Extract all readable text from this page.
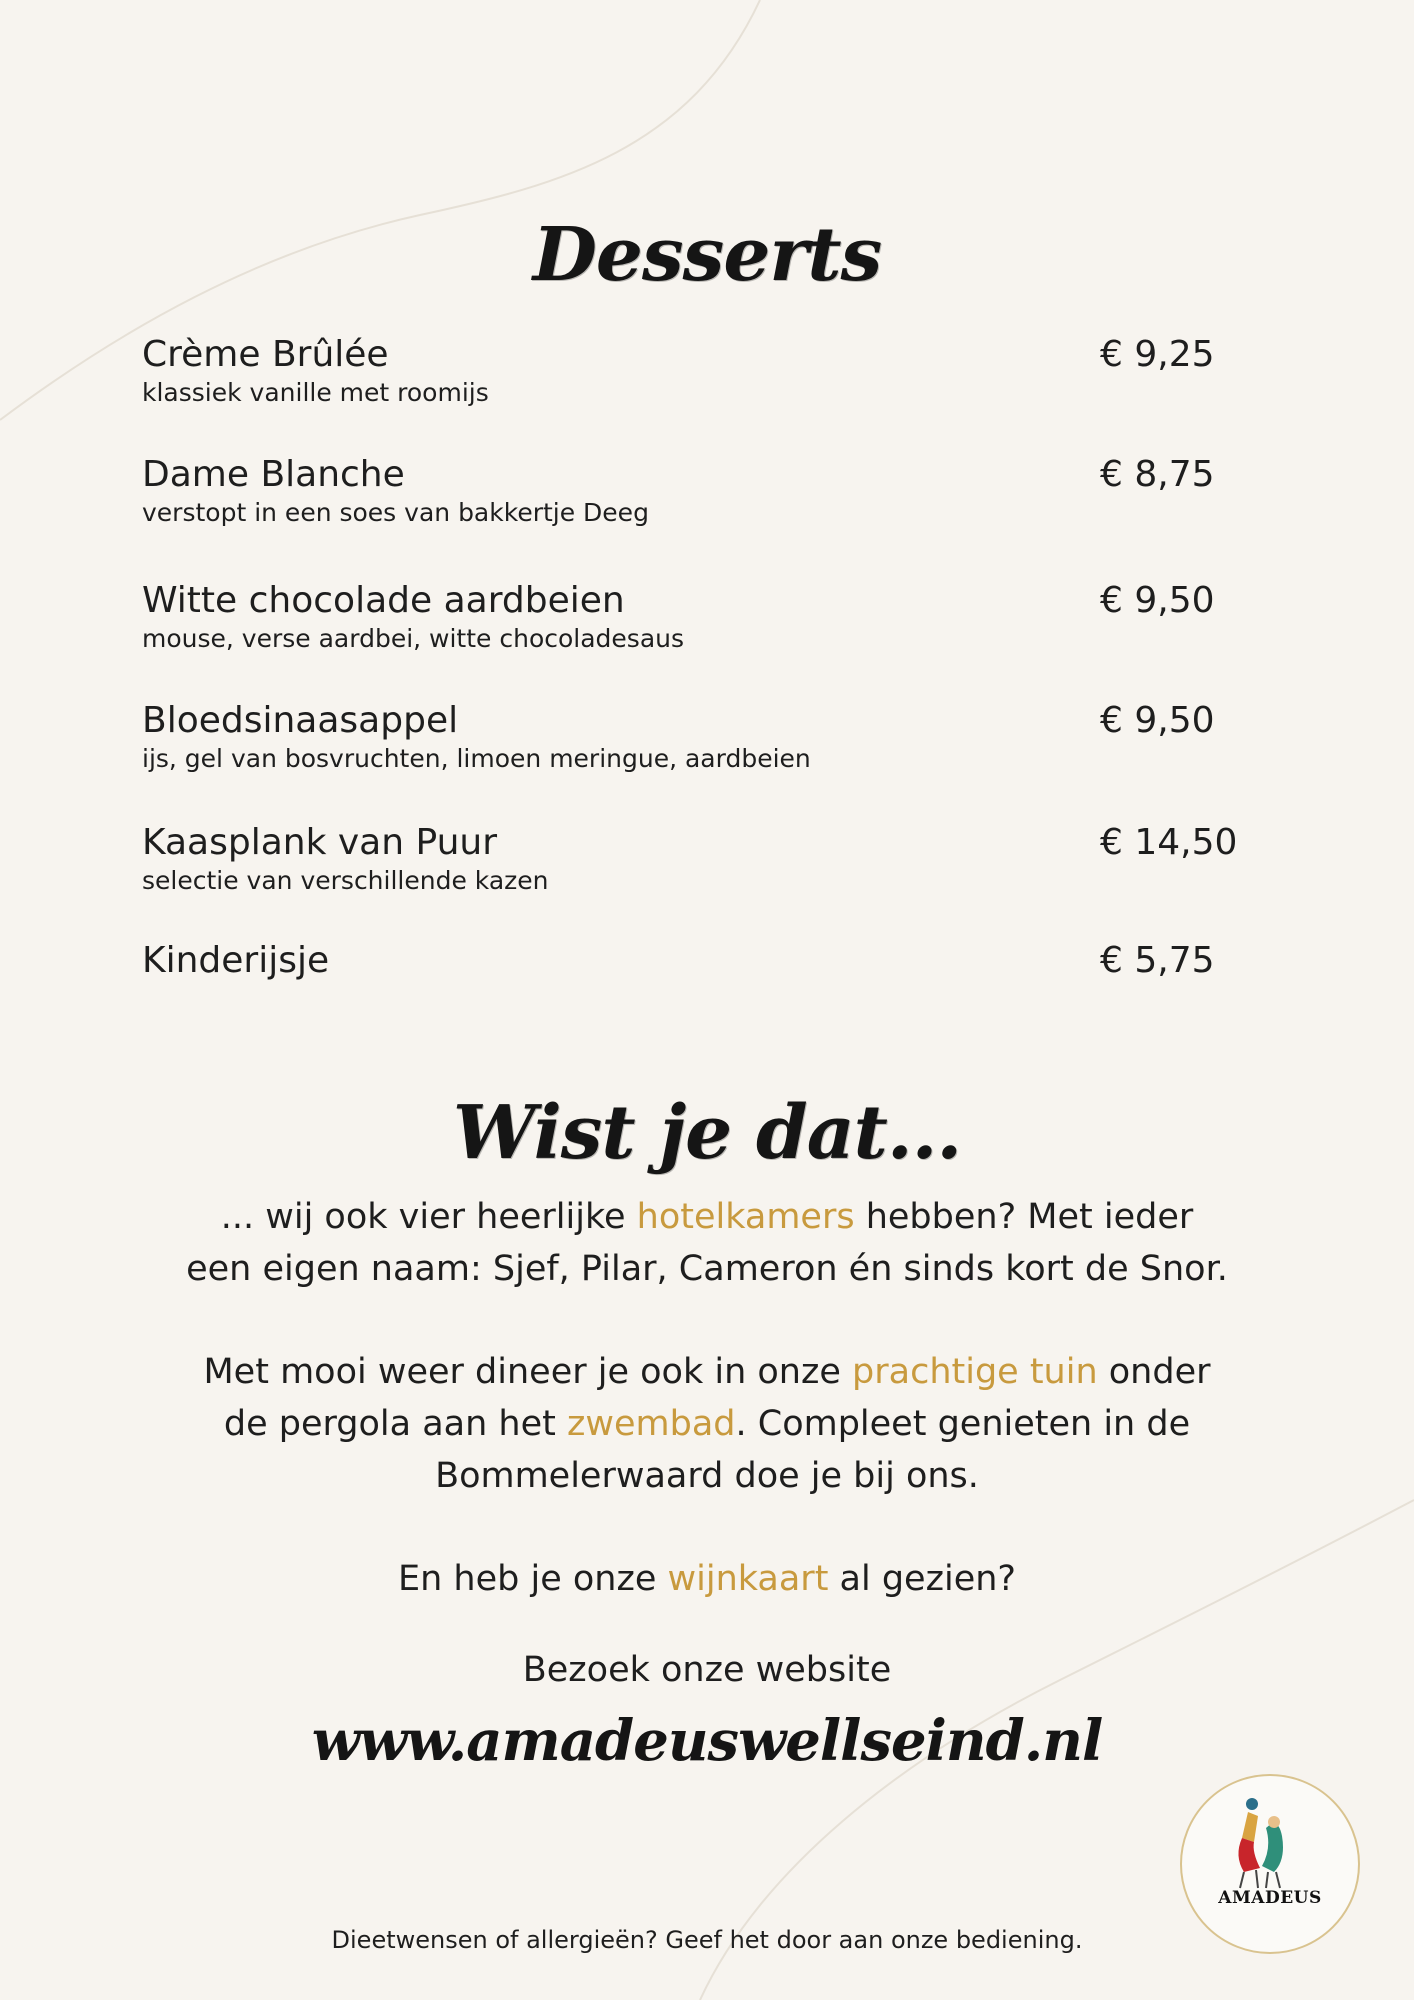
Desserts
Crème Brûlée
klassiek vanille met roomijs
€ 9,25
Dame Blanche
verstopt in een soes van bakkertje Deeg
€ 8,75
Witte chocolade aardbeien
mouse, verse aardbei, witte chocoladesaus
€ 9,50
Bloedsinaasappel
ijs, gel van bosvruchten, limoen meringue, aardbeien
€ 9,50
Kaasplank van Puur
selectie van verschillende kazen
€ 14,50
Kinderijsje	€ 5,75
Wist je dat...
... wij ook vier heerlijke hotelkamers hebben? Met ieder
een eigen naam: Sjef, Pilar, Cameron én sinds kort de Snor.
Met mooi weer dineer je ook in onze prachtige tuin onder
de pergola aan het zwembad. Compleet genieten in de
Bommelerwaard doe je bij ons.
En heb je onze wijnkaart al gezien?
Bezoek onze website
www.amadeuswellseind.nl
AMADEUS
Dieetwensen of allergieën? Geef het door aan onze bediening.
